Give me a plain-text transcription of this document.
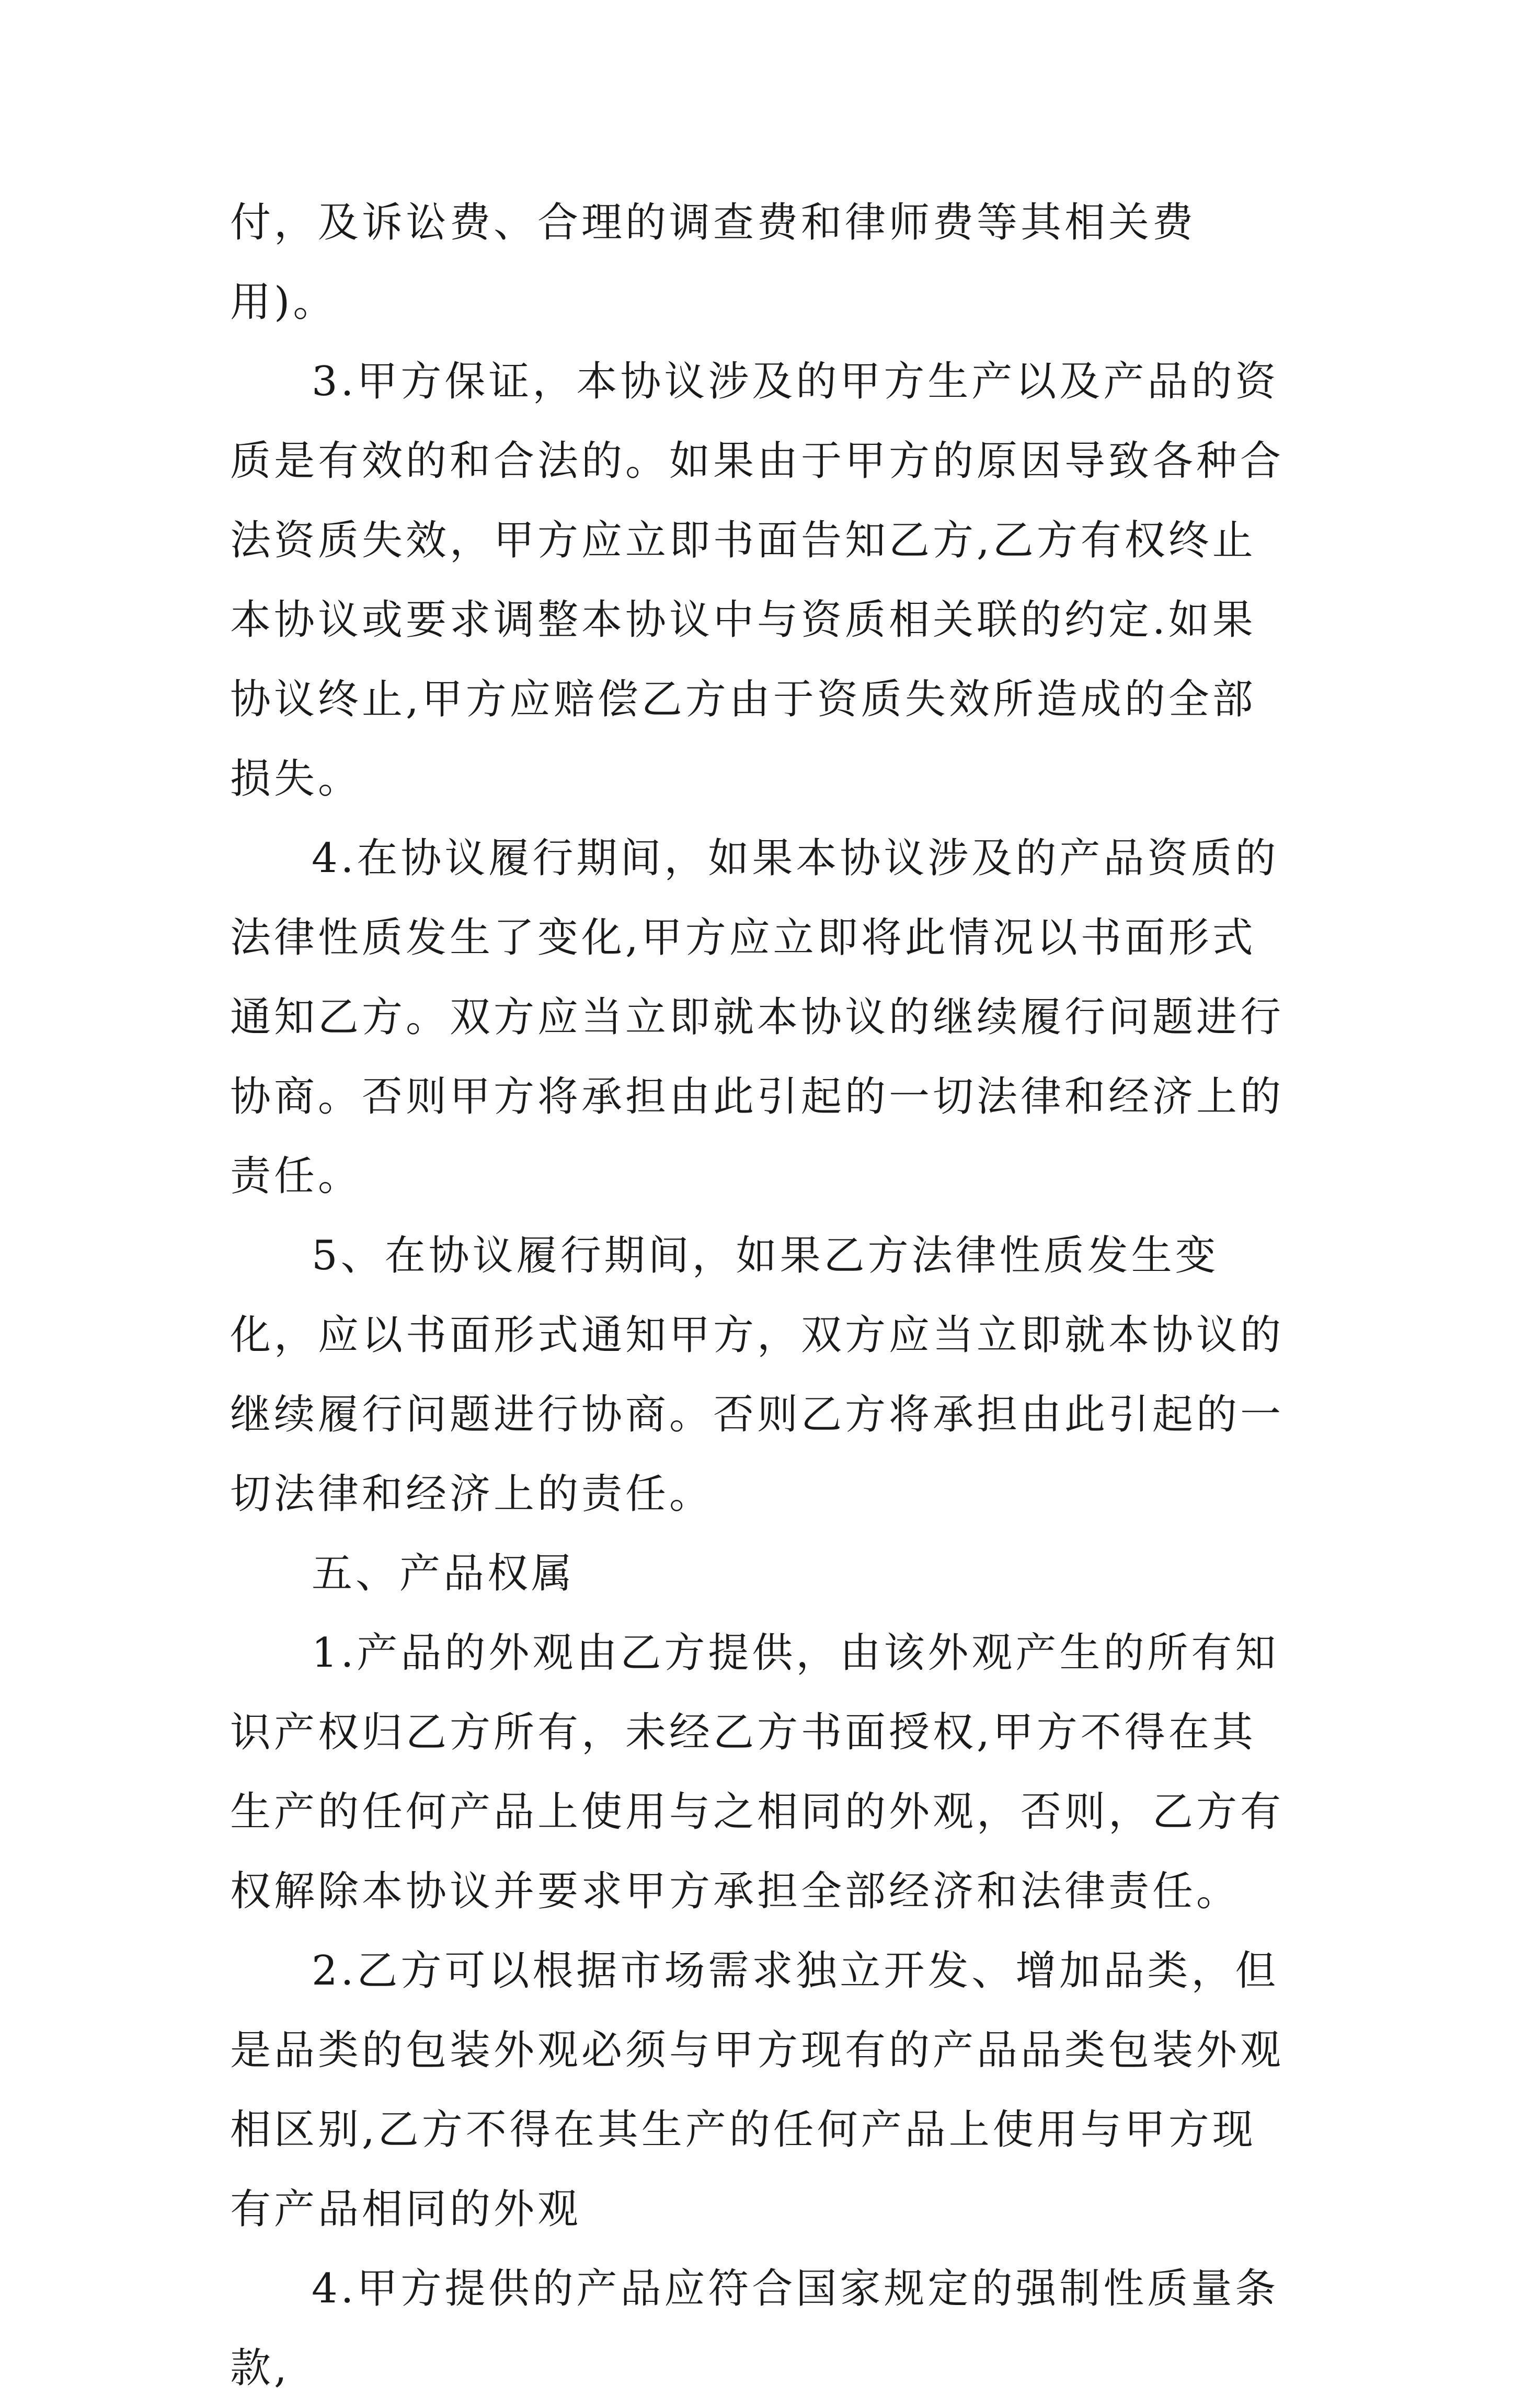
付，及诉讼费、合理的调查费和律师费等其相关费用)。

3.甲方保证，本协议涉及的甲方生产以及产品的资质是有效的和合法的。如果由于甲方的原因导致各种合法资质失效，甲方应立即书面告知乙方,乙方有权终止本协议或要求调整本协议中与资质相关联的约定.如果协议终止,甲方应赔偿乙方由于资质失效所造成的全部损失。

4.在协议履行期间，如果本协议涉及的产品资质的法律性质发生了变化,甲方应立即将此情况以书面形式通知乙方。双方应当立即就本协议的继续履行问题进行协商。否则甲方将承担由此引起的一切法律和经济上的责任。

5、在协议履行期间，如果乙方法律性质发生变化，应以书面形式通知甲方，双方应当立即就本协议的继续履行问题进行协商。否则乙方将承担由此引起的一切法律和经济上的责任。

五、产品权属

1.产品的外观由乙方提供，由该外观产生的所有知识产权归乙方所有，未经乙方书面授权,甲方不得在其生产的任何产品上使用与之相同的外观，否则，乙方有权解除本协议并要求甲方承担全部经济和法律责任。

2.乙方可以根据市场需求独立开发、增加品类，但是品类的包装外观必须与甲方现有的产品品类包装外观相区别,乙方不得在其生产的任何产品上使用与甲方现有产品相同的外观

4.甲方提供的产品应符合国家规定的强制性质量条款,
